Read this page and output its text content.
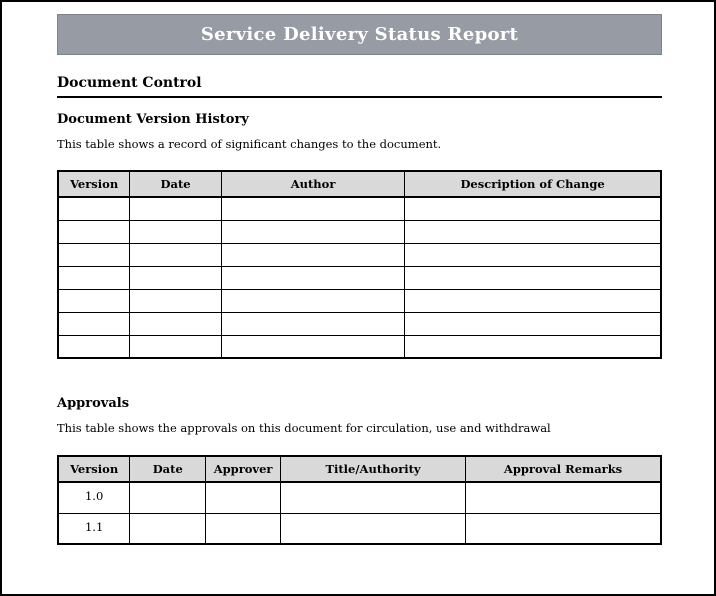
Service Delivery Status Report
Document Control
Document Version History
This table shows a record of significant changes to the document.
Version	Date	Author	Description of Change

Approvals
This table shows the approvals on this document for circulation, use and withdrawal
Version	Date	Approver	Title/Authority	Approval Remarks
1.0				
1.1				
